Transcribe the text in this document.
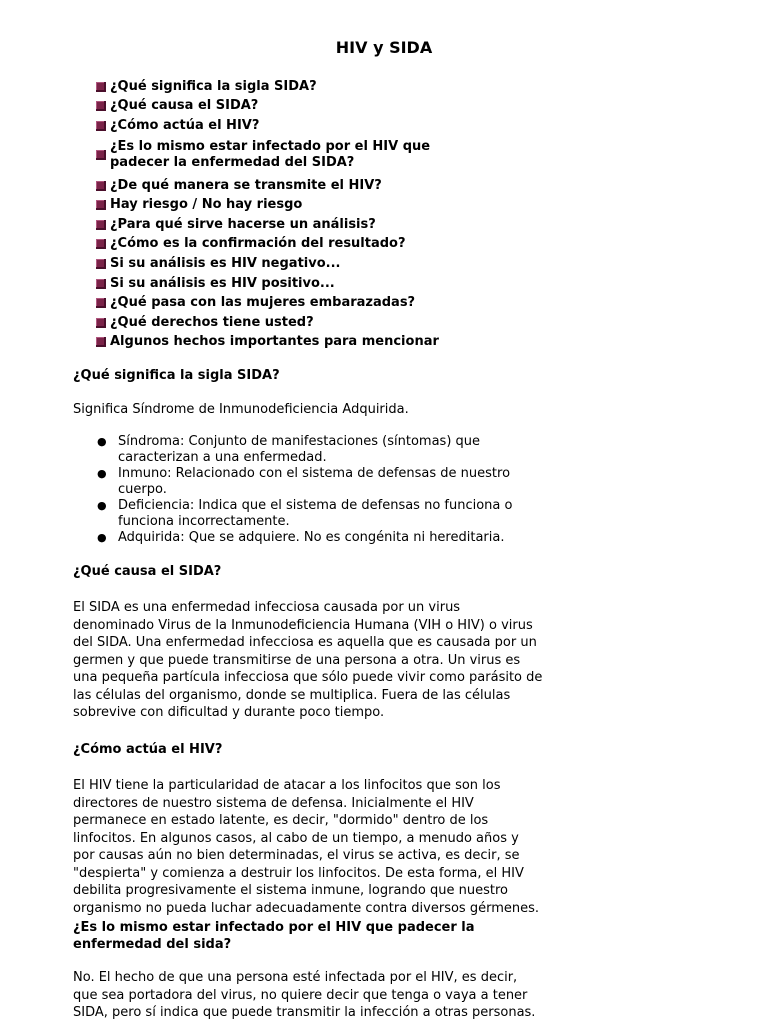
HIV y SIDA
¿Qué significa la sigla SIDA?
¿Qué causa el SIDA?
¿Cómo actúa el HIV?
¿Es lo mismo estar infectado por el HIV que padecer la enfermedad del SIDA?
¿De qué manera se transmite el HIV?
Hay riesgo / No hay riesgo
¿Para qué sirve hacerse un análisis?
¿Cómo es la confirmación del resultado?
Si su análisis es HIV negativo...
Si su análisis es HIV positivo...
¿Qué pasa con las mujeres embarazadas?
¿Qué derechos tiene usted?
Algunos hechos importantes para mencionar
¿Qué significa la sigla SIDA?
Significa Síndrome de Inmunodeficiencia Adquirida.
● Síndroma: Conjunto de manifestaciones (síntomas) que caracterizan a una enfermedad.
● Inmuno: Relacionado con el sistema de defensas de nuestro cuerpo.
● Deficiencia: Indica que el sistema de defensas no funciona o funciona incorrectamente.
● Adquirida: Que se adquiere. No es congénita ni hereditaria.
¿Qué causa el SIDA?
El SIDA es una enfermedad infecciosa causada por un virus denominado Virus de la Inmunodeficiencia Humana (VIH o HIV) o virus del SIDA. Una enfermedad infecciosa es aquella que es causada por un germen y que puede transmitirse de una persona a otra. Un virus es una pequeña partícula infecciosa que sólo puede vivir como parásito de las células del organismo, donde se multiplica. Fuera de las células sobrevive con dificultad y durante poco tiempo.
¿Cómo actúa el HIV?
El HIV tiene la particularidad de atacar a los linfocitos que son los directores de nuestro sistema de defensa. Inicialmente el HIV permanece en estado latente, es decir, "dormido" dentro de los linfocitos. En algunos casos, al cabo de un tiempo, a menudo años y por causas aún no bien determinadas, el virus se activa, es decir, se "despierta" y comienza a destruir los linfocitos. De esta forma, el HIV debilita progresivamente el sistema inmune, logrando que nuestro organismo no pueda luchar adecuadamente contra diversos gérmenes.
¿Es lo mismo estar infectado por el HIV que padecer la enfermedad del sida?
No. El hecho de que una persona esté infectada por el HIV, es decir, que sea portadora del virus, no quiere decir que tenga o vaya a tener SIDA, pero sí indica que puede transmitir la infección a otras personas.
